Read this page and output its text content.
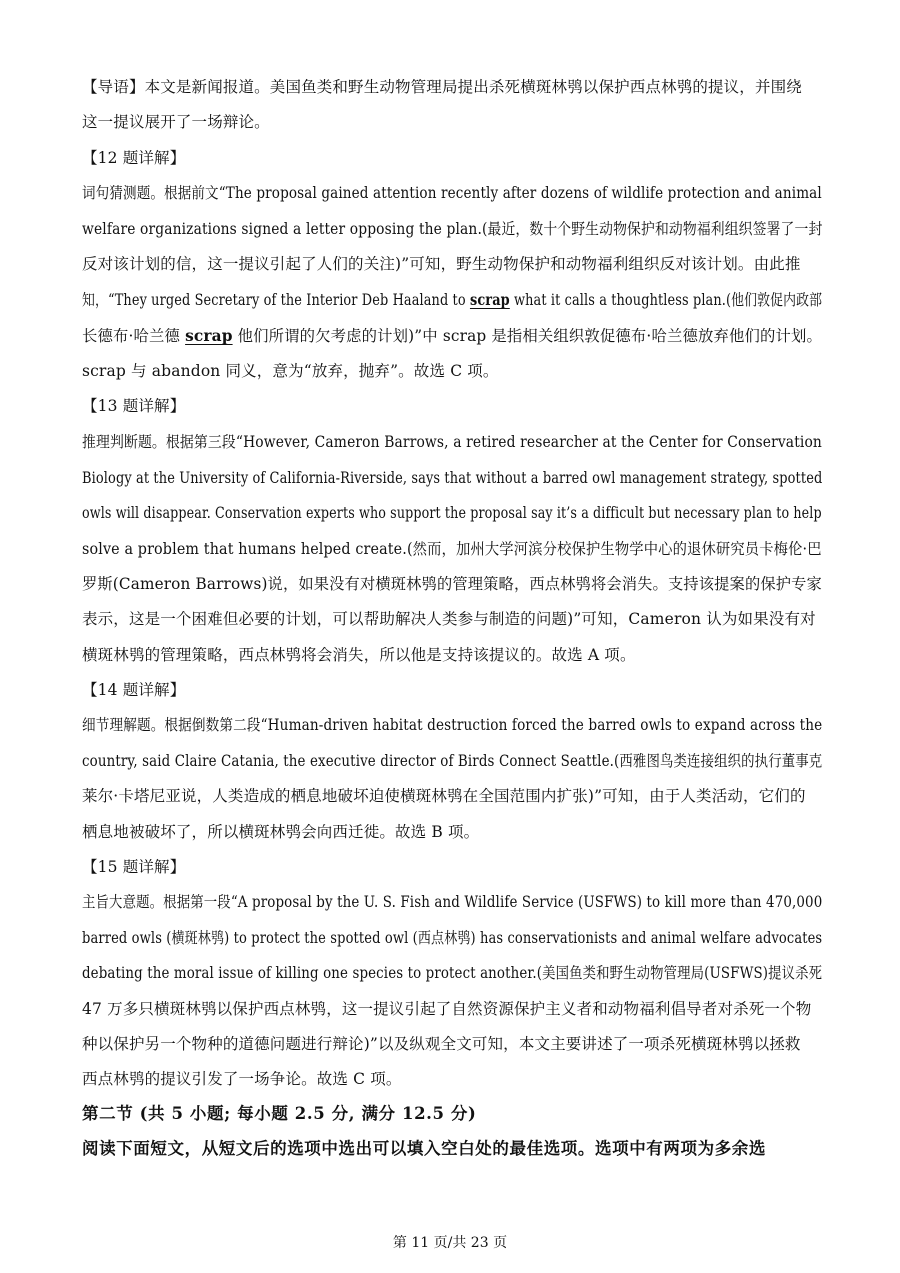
【导语】本文是新闻报道。美国鱼类和野生动物管理局提出杀死横斑林鸮以保护西点林鸮的提议，并围绕
这一提议展开了一场辩论。
【12 题详解】
词句猜测题。根据前文“The proposal gained attention recently after dozens of wildlife protection and animal
welfare organizations signed a letter opposing the plan.(最近，数十个野生动物保护和动物福利组织签署了一封
反对该计划的信，这一提议引起了人们的关注)”可知，野生动物保护和动物福利组织反对该计划。由此推
知，“They urged Secretary of the Interior Deb Haaland to scrap what it calls a thoughtless plan.(他们敦促内政部
长德布·哈兰德 scrap 他们所谓的欠考虑的计划)”中 scrap 是指相关组织敦促德布·哈兰德放弃他们的计划。
scrap 与 abandon 同义，意为“放弃，抛弃”。故选 C 项。
【13 题详解】
推理判断题。根据第三段“However, Cameron Barrows, a retired researcher at the Center for Conservation
Biology at the University of California-Riverside, says that without a barred owl management strategy, spotted
owls will disappear. Conservation experts who support the proposal say it’s a difficult but necessary plan to help
solve a problem that humans helped create.(然而，加州大学河滨分校保护生物学中心的退休研究员卡梅伦·巴
罗斯(Cameron Barrows)说，如果没有对横斑林鸮的管理策略，西点林鸮将会消失。支持该提案的保护专家
表示，这是一个困难但必要的计划，可以帮助解决人类参与制造的问题)”可知，Cameron 认为如果没有对
横斑林鸮的管理策略，西点林鸮将会消失，所以他是支持该提议的。故选 A 项。
【14 题详解】
细节理解题。根据倒数第二段“Human-driven habitat destruction forced the barred owls to expand across the
country, said Claire Catania, the executive director of Birds Connect Seattle.(西雅图鸟类连接组织的执行董事克
莱尔·卡塔尼亚说，人类造成的栖息地破坏迫使横斑林鸮在全国范围内扩张)”可知，由于人类活动，它们的
栖息地被破坏了，所以横斑林鸮会向西迁徙。故选 B 项。
【15 题详解】
主旨大意题。根据第一段“A proposal by the U. S. Fish and Wildlife Service (USFWS) to kill more than 470,000
barred owls (横斑林鸮) to protect the spotted owl (西点林鸮) has conservationists and animal welfare advocates
debating the moral issue of killing one species to protect another.(美国鱼类和野生动物管理局(USFWS)提议杀死
47 万多只横斑林鸮以保护西点林鸮，这一提议引起了自然资源保护主义者和动物福利倡导者对杀死一个物
种以保护另一个物种的道德问题进行辩论)”以及纵观全文可知，本文主要讲述了一项杀死横斑林鸮以拯救
西点林鸮的提议引发了一场争论。故选 C 项。
第二节 (共 5 小题; 每小题 2.5 分, 满分 12.5 分)
阅读下面短文，从短文后的选项中选出可以填入空白处的最佳选项。选项中有两项为多余选
第 11 页/共 23 页
